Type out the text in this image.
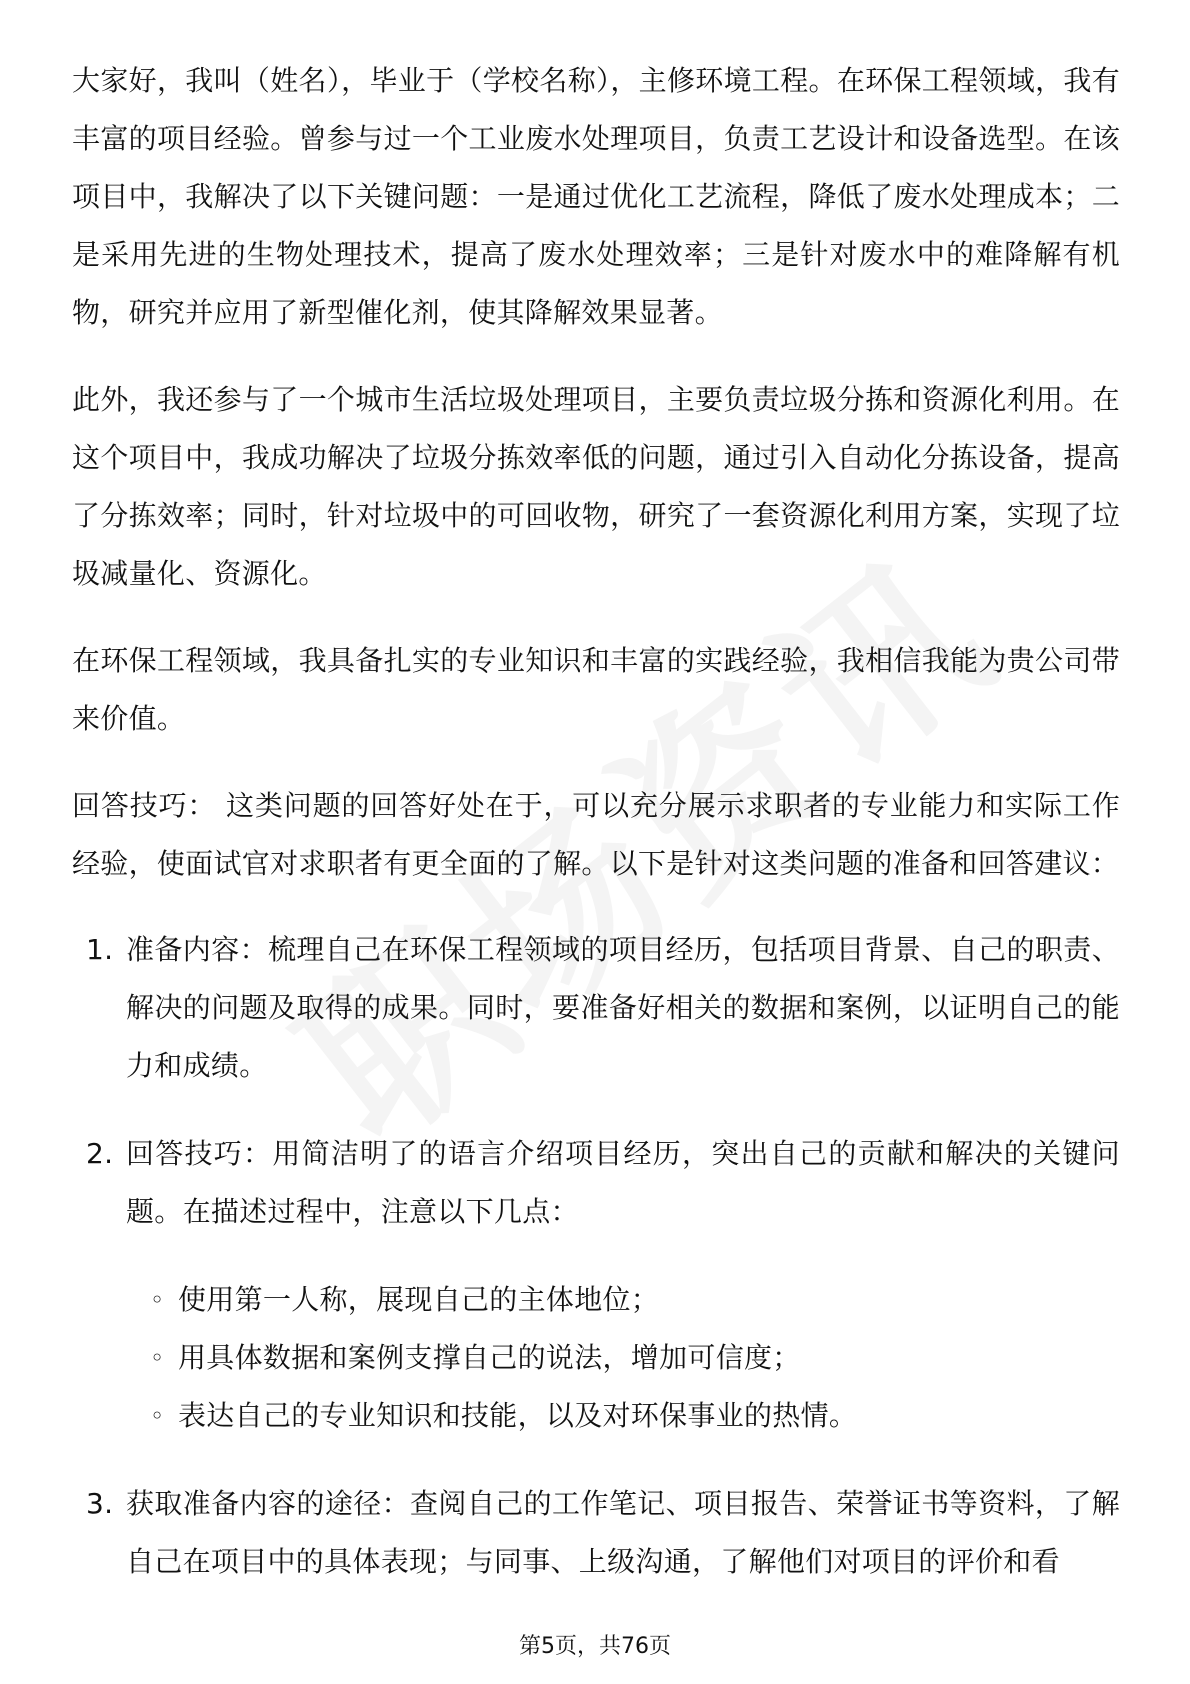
大家好，我叫（姓名），毕业于（学校名称），主修环境工程。在环保工程领域，我有丰富的项目经验。曾参与过一个工业废水处理项目，负责工艺设计和设备选型。在该项目中，我解决了以下关键问题：一是通过优化工艺流程，降低了废水处理成本；二是采用先进的生物处理技术，提高了废水处理效率；三是针对废水中的难降解有机物，研究并应用了新型催化剂，使其降解效果显著。

此外，我还参与了一个城市生活垃圾处理项目，主要负责垃圾分拣和资源化利用。在这个项目中，我成功解决了垃圾分拣效率低的问题，通过引入自动化分拣设备，提高了分拣效率；同时，针对垃圾中的可回收物，研究了一套资源化利用方案，实现了垃圾减量化、资源化。

在环保工程领域，我具备扎实的专业知识和丰富的实践经验，我相信我能为贵公司带来价值。

回答技巧： 这类问题的回答好处在于，可以充分展示求职者的专业能力和实际工作经验，使面试官对求职者有更全面的了解。以下是针对这类问题的准备和回答建议：

1. 准备内容：梳理自己在环保工程领域的项目经历，包括项目背景、自己的职责、解决的问题及取得的成果。同时，要准备好相关的数据和案例，以证明自己的能力和成绩。
2. 回答技巧：用简洁明了的语言介绍项目经历，突出自己的贡献和解决的关键问题。在描述过程中，注意以下几点：
◦ 使用第一人称，展现自己的主体地位；
◦ 用具体数据和案例支撑自己的说法，增加可信度；
◦ 表达自己的专业知识和技能，以及对环保事业的热情。
3. 获取准备内容的途径：查阅自己的工作笔记、项目报告、荣誉证书等资料，了解自己在项目中的具体表现；与同事、上级沟通，了解他们对项目的评价和看
第5页，共76页
